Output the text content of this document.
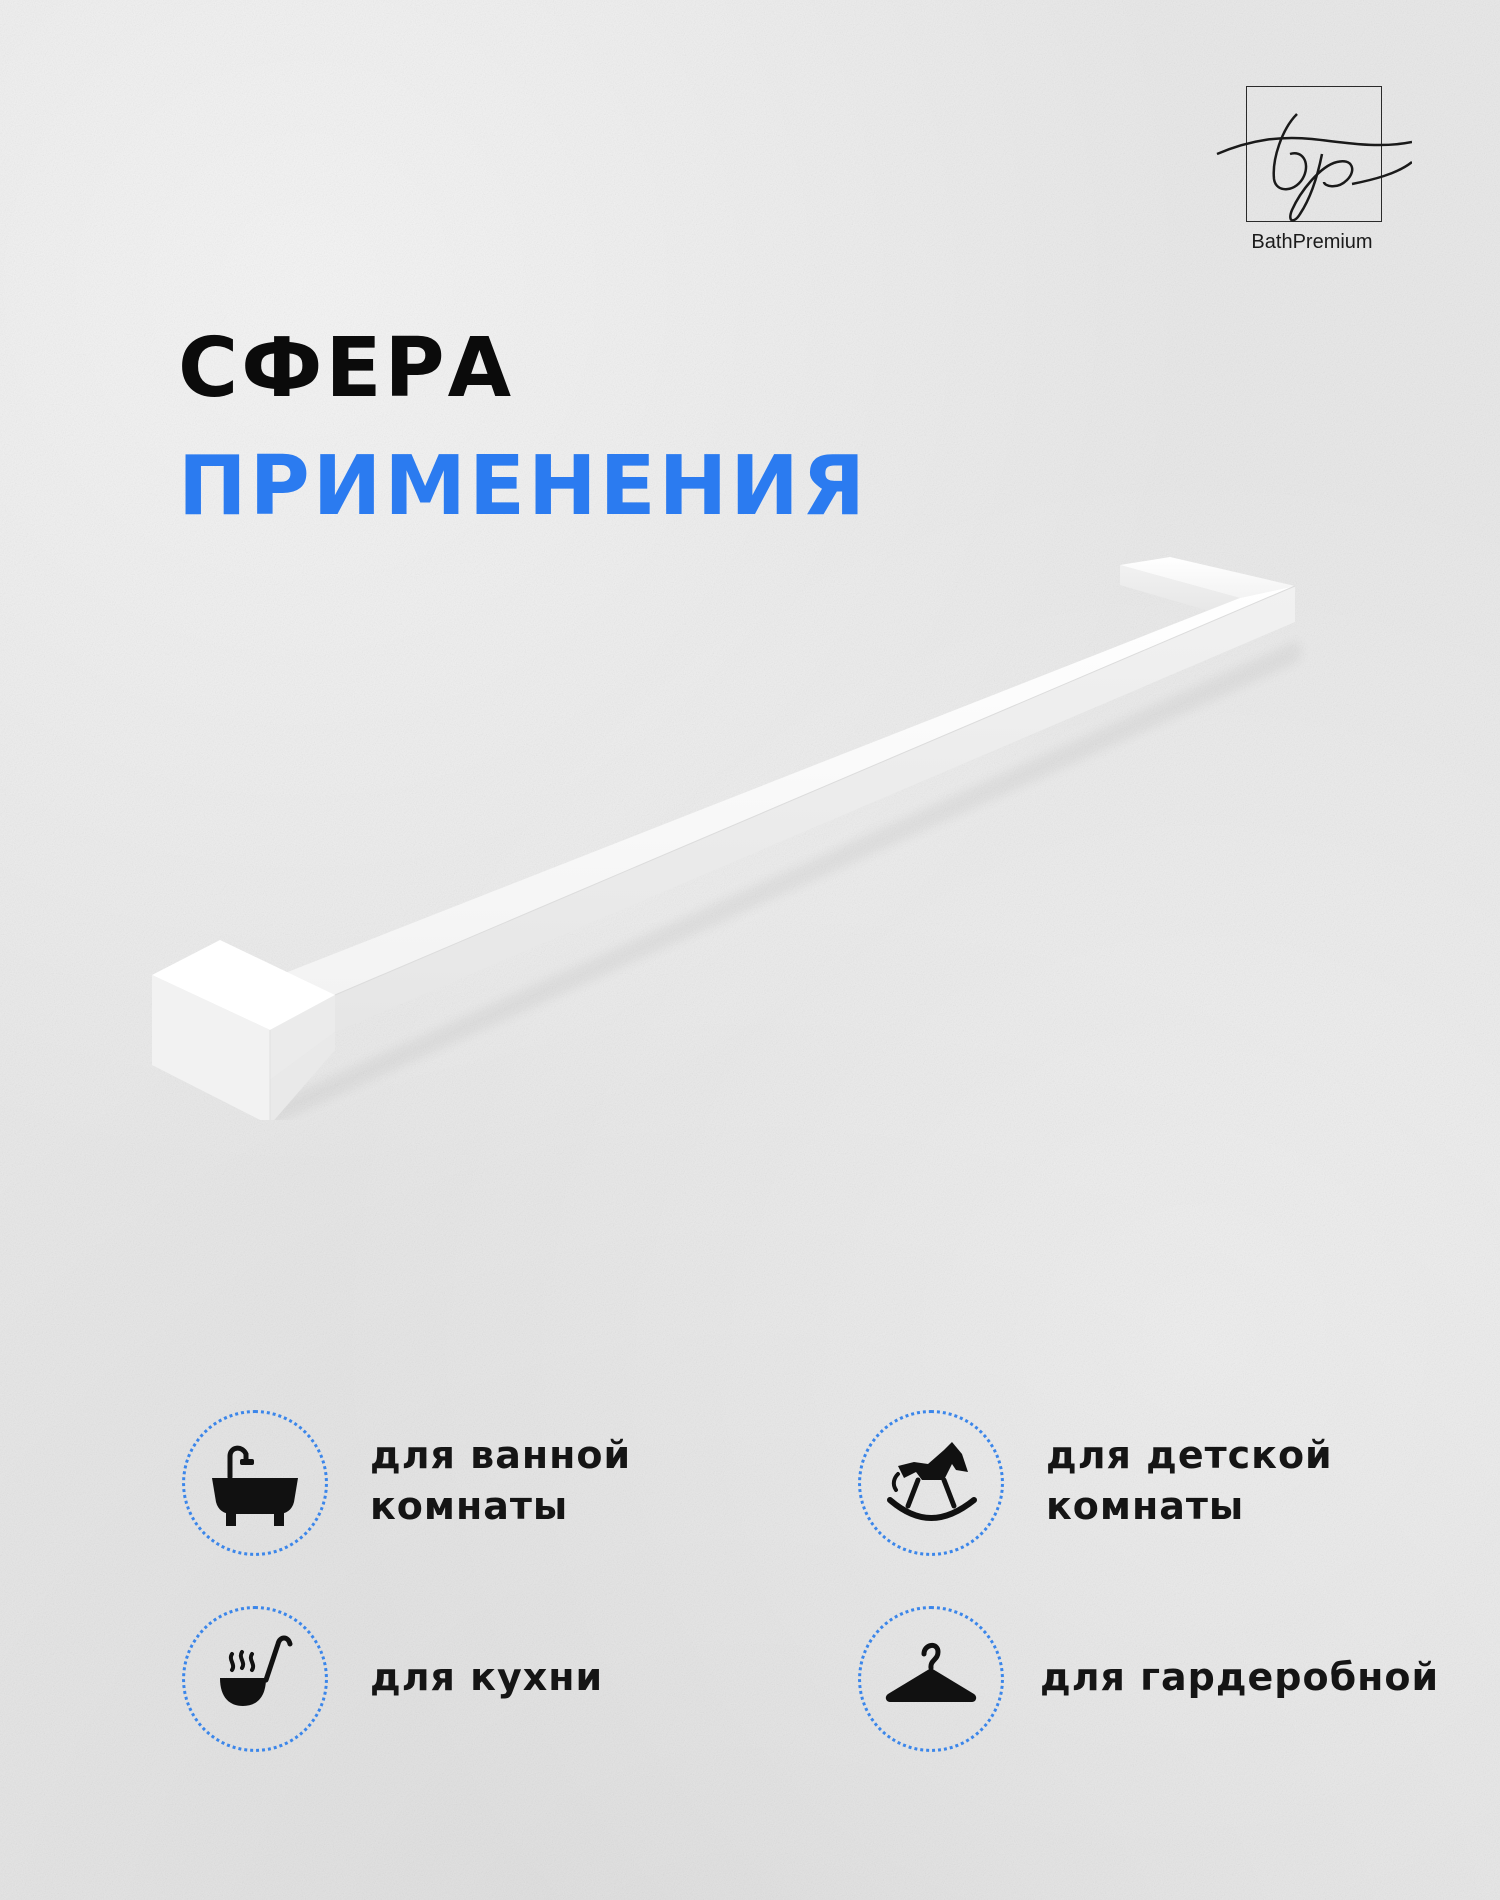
BathPremium
СФЕРА
ПРИМЕНЕНИЯ
для ванной
комнаты
для детской
комнаты
для кухни	для гардеробной
